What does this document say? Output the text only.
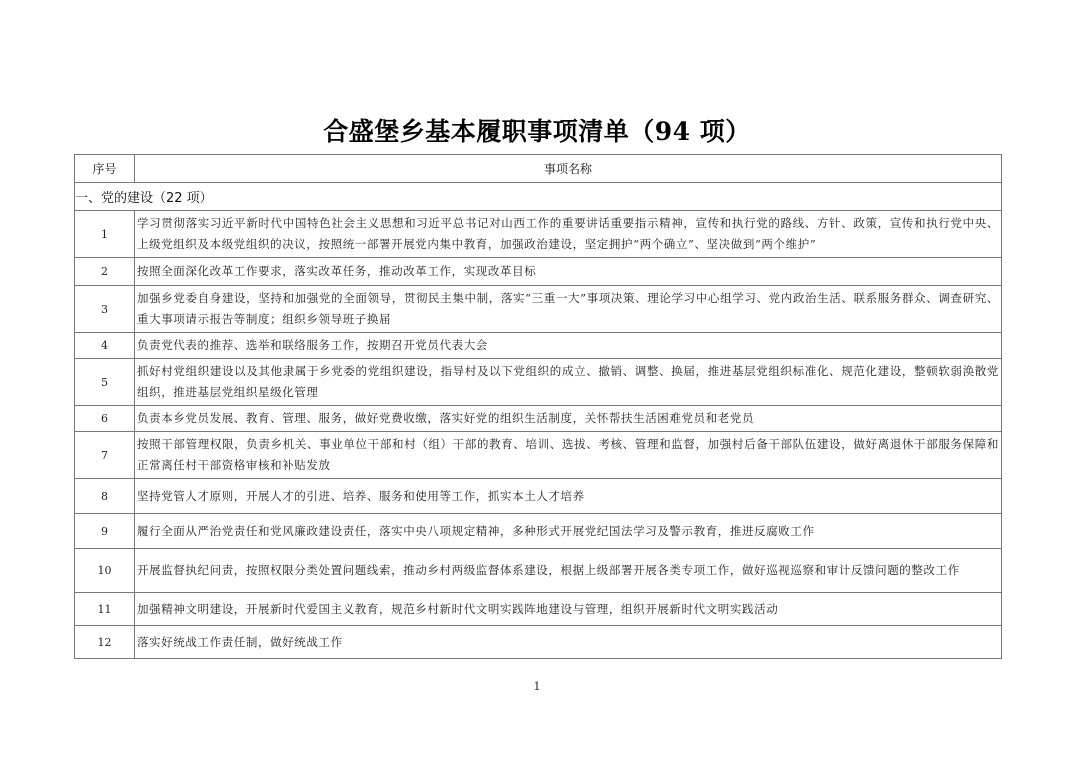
合盛堡乡基本履职事项清单（94 项）
序号	事项名称
一、党的建设（22 项）	
1	学习贯彻落实习近平新时代中国特色社会主义思想和习近平总书记对山西工作的重要讲话重要指示精神，宣传和执行党的路线、方针、政策，宣传和执行党中央、上级党组织及本级党组织的决议，按照统一部署开展党内集中教育，加强政治建设，坚定拥护“两个确立”、坚决做到“两个维护”
2	按照全面深化改革工作要求，落实改革任务，推动改革工作，实现改革目标
3	加强乡党委自身建设，坚持和加强党的全面领导，贯彻民主集中制，落实“三重一大”事项决策、理论学习中心组学习、党内政治生活、联系服务群众、调查研究、重大事项请示报告等制度；组织乡领导班子换届
4	负责党代表的推荐、选举和联络服务工作，按期召开党员代表大会
5	抓好村党组织建设以及其他隶属于乡党委的党组织建设，指导村及以下党组织的成立、撤销、调整、换届，推进基层党组织标准化、规范化建设，整顿软弱涣散党组织，推进基层党组织星级化管理
6	负责本乡党员发展、教育、管理、服务，做好党费收缴，落实好党的组织生活制度，关怀帮扶生活困难党员和老党员
7	按照干部管理权限，负责乡机关、事业单位干部和村（组）干部的教育、培训、选拔、考核、管理和监督，加强村后备干部队伍建设，做好离退休干部服务保障和正常离任村干部资格审核和补贴发放
8	坚持党管人才原则，开展人才的引进、培养、服务和使用等工作，抓实本土人才培养
9	履行全面从严治党责任和党风廉政建设责任，落实中央八项规定精神，多种形式开展党纪国法学习及警示教育，推进反腐败工作
10	开展监督执纪问责，按照权限分类处置问题线索，推动乡村两级监督体系建设，根据上级部署开展各类专项工作，做好巡视巡察和审计反馈问题的整改工作
11	加强精神文明建设，开展新时代爱国主义教育，规范乡村新时代文明实践阵地建设与管理，组织开展新时代文明实践活动
12	落实好统战工作责任制，做好统战工作
1
